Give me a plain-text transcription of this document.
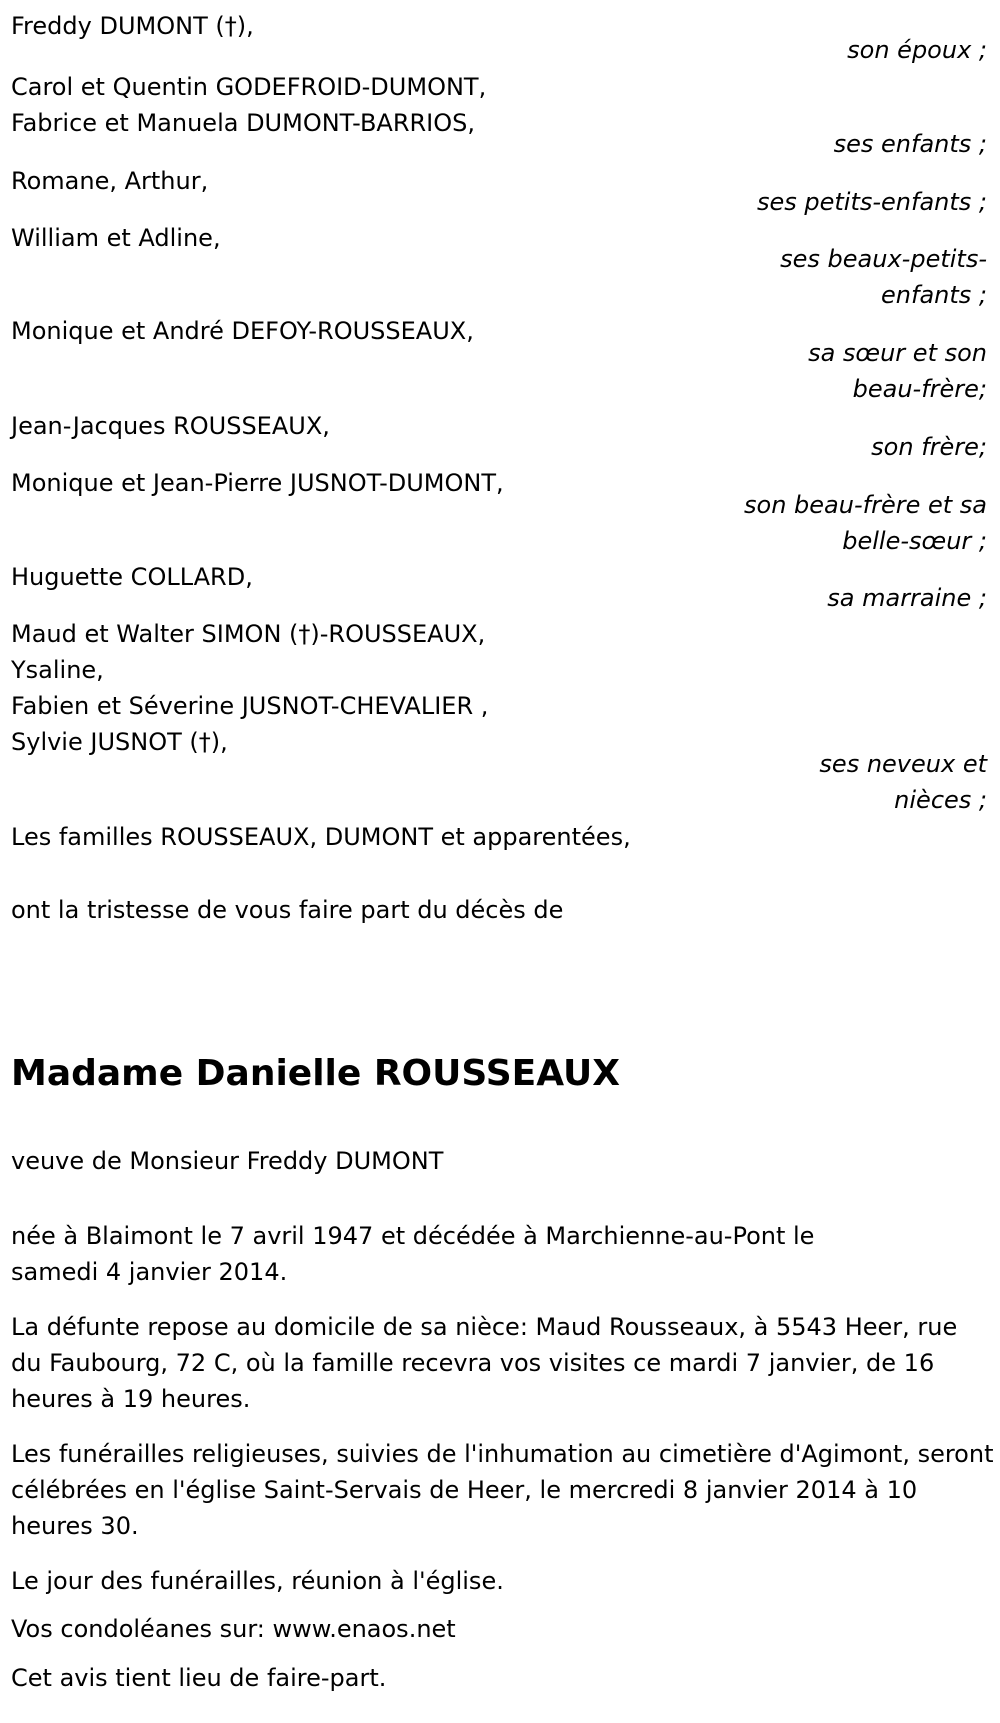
Freddy DUMONT (†),
son époux ;
Carol et Quentin GODEFROID-DUMONT,
Fabrice et Manuela DUMONT-BARRIOS,
ses enfants ;
Romane, Arthur,
ses petits-enfants ;
William et Adline,
ses beaux-petits-enfants ;
Monique et André DEFOY-ROUSSEAUX,
sa sœur et son beau-frère;
Jean-Jacques ROUSSEAUX,
son frère;
Monique et Jean-Pierre JUSNOT-DUMONT,
son beau-frère et sa belle-sœur ;
Huguette COLLARD,
sa marraine ;
Maud et Walter SIMON (†)-ROUSSEAUX,
Ysaline,
Fabien et Séverine JUSNOT-CHEVALIER ,
Sylvie JUSNOT (†),
ses neveux et nièces ;
Les familles ROUSSEAUX, DUMONT et apparentées,
ont la tristesse de vous faire part du décès de
Madame Danielle ROUSSEAUX
veuve de Monsieur Freddy DUMONT
née à Blaimont le 7 avril 1947 et décédée à Marchienne-au-Pont le samedi 4 janvier 2014.
La défunte repose au domicile de sa nièce: Maud Rousseaux, à 5543 Heer, rue du Faubourg, 72 C, où la famille recevra vos visites ce mardi 7 janvier, de 16 heures à 19 heures.
Les funérailles religieuses, suivies de l'inhumation au cimetière d'Agimont, seront célébrées en l'église Saint-Servais de Heer, le mercredi 8 janvier 2014 à 10 heures 30.
Le jour des funérailles, réunion à l'église.
Vos condoléanes sur: www.enaos.net
Cet avis tient lieu de faire-part.
